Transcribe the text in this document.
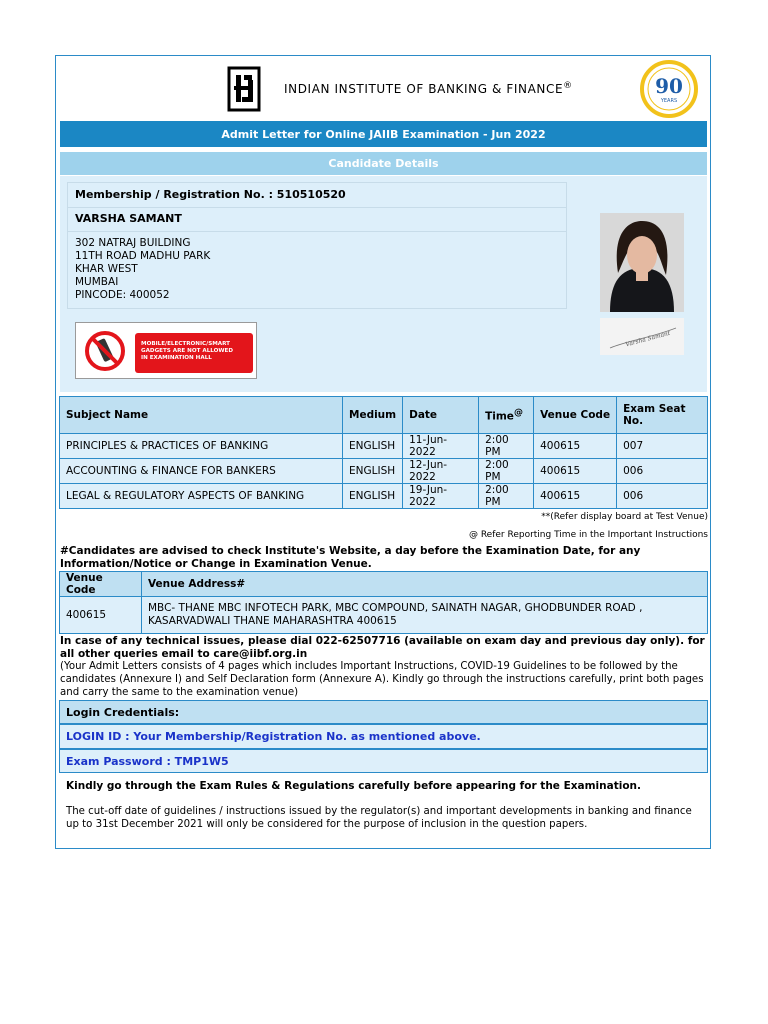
INDIAN INSTITUTE OF BANKING & FINANCE®	90
YEARS
Admit Letter for Online JAIIB Examination - Jun 2022
Candidate Details
Membership / Registration No. : 510510520
VARSHA SAMANT
302 NATRAJ BUILDING
11TH ROAD MADHU PARK
KHAR WEST
MUMBAI
PINCODE: 400052
MOBILE/ELECTRONIC/SMART
GADGETS ARE NOT ALLOWED
IN EXAMINATION HALL
Varsha Samant
Subject Name	Medium	Date	Time@	Venue Code	Exam Seat No.
PRINCIPLES & PRACTICES OF BANKING	ENGLISH	11-Jun-2022	2:00 PM	400615	007
ACCOUNTING & FINANCE FOR BANKERS	ENGLISH	12-Jun-2022	2:00 PM	400615	006
LEGAL & REGULATORY ASPECTS OF BANKING	ENGLISH	19-Jun-2022	2:00 PM	400615	006
**(Refer display board at Test Venue)
@ Refer Reporting Time in the Important Instructions
#Candidates are advised to check Institute's Website, a day before the Examination Date, for any Information/Notice or Change in Examination Venue.
Venue Code	Venue Address#
400615	MBC- THANE MBC INFOTECH PARK, MBC COMPOUND, SAINATH NAGAR, GHODBUNDER ROAD ,
KASARVADWALI THANE MAHARASHTRA 400615
In case of any technical issues, please dial 022-62507716 (available on exam day and previous day only). for
all other queries email to care@iibf.org.in
(Your Admit Letters consists of 4 pages which includes Important Instructions, COVID-19 Guidelines to be followed by the candidates (Annexure I) and Self Declaration form (Annexure A). Kindly go through the instructions carefully, print both pages and carry the same to the examination venue)
Login Credentials:
LOGIN ID : Your Membership/Registration No. as mentioned above.
Exam Password : TMP1W5
Kindly go through the Exam Rules & Regulations carefully before appearing for the Examination.
The cut-off date of guidelines / instructions issued by the regulator(s) and important developments in banking and finance up to 31st December 2021 will only be considered for the purpose of inclusion in the question papers.
